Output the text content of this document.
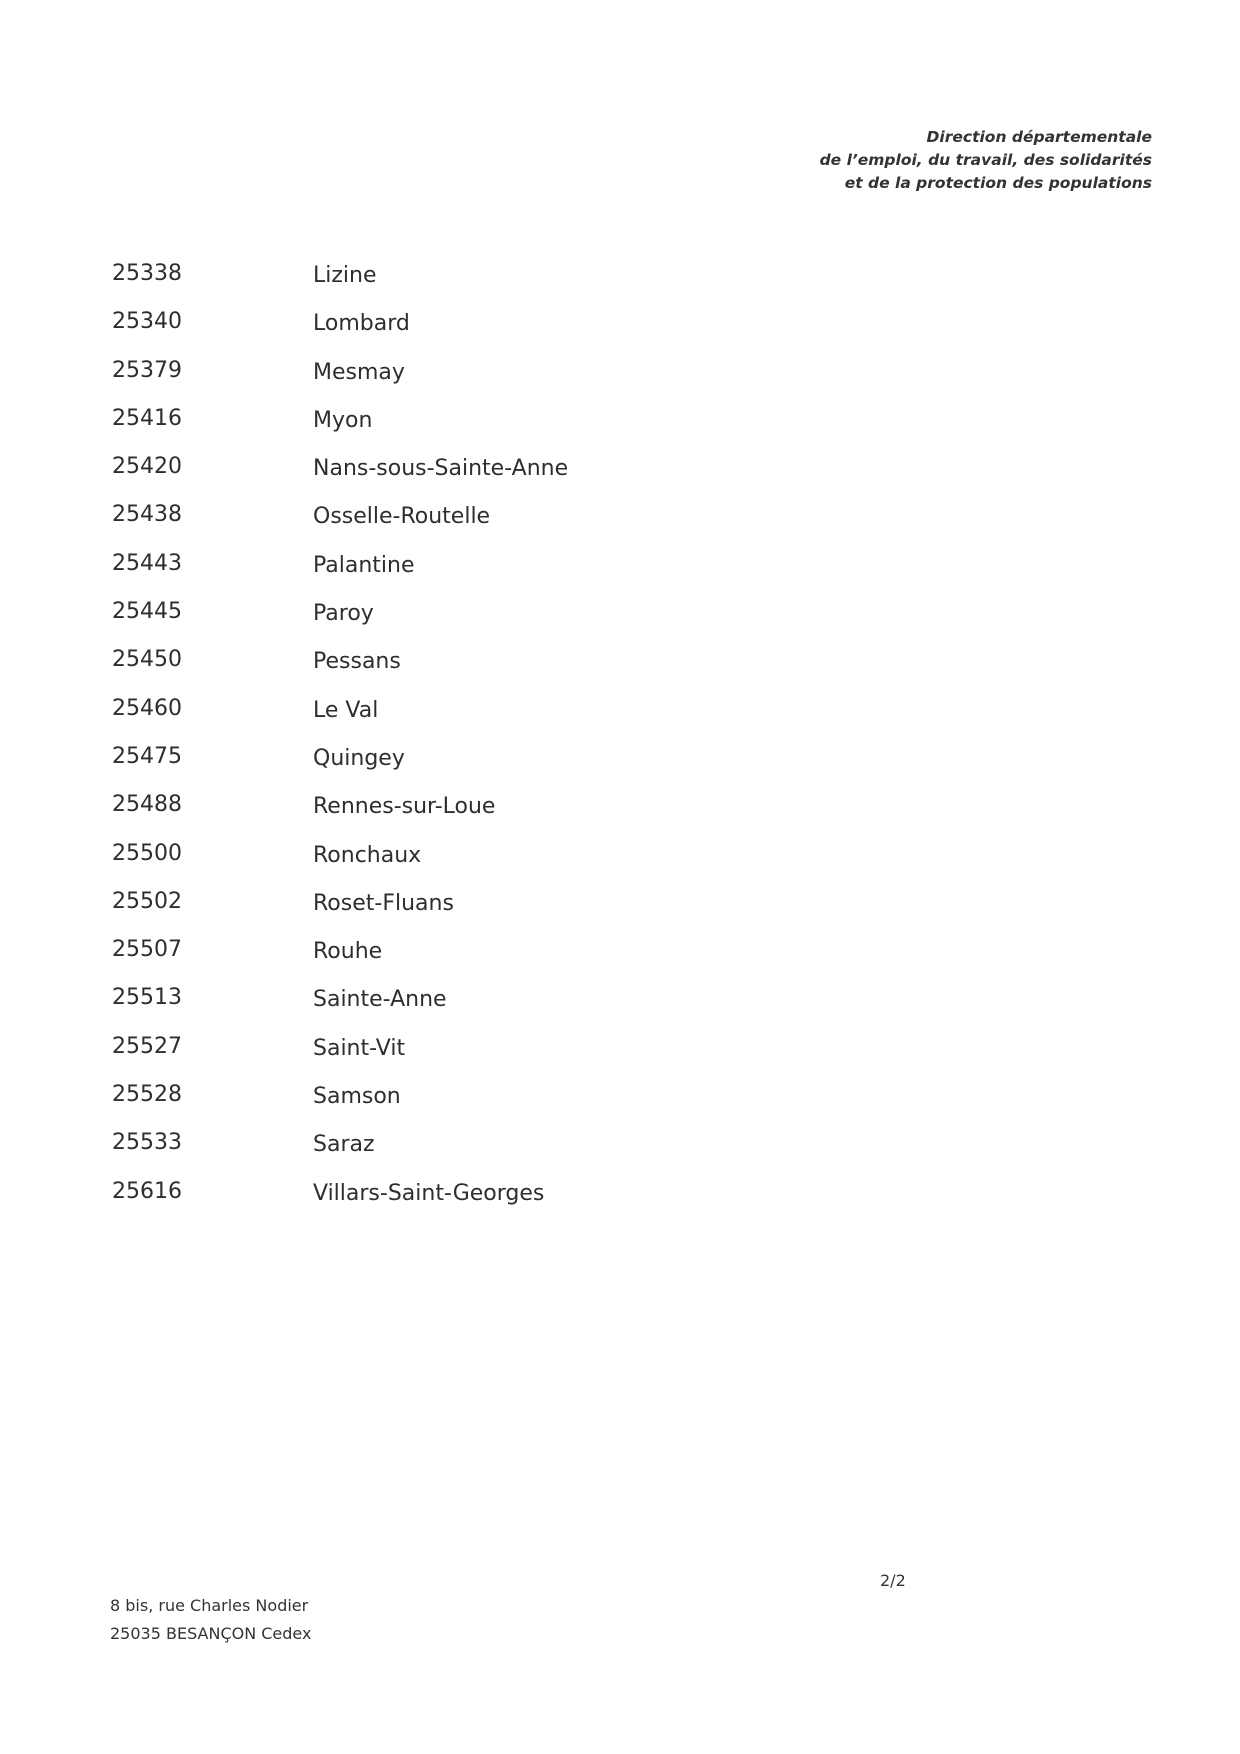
Direction départementale
de l’emploi, du travail, des solidarités
et de la protection des populations
25338	Lizine
25340	Lombard
25379	Mesmay
25416	Myon
25420	Nans-sous-Sainte-Anne
25438	Osselle-Routelle
25443	Palantine
25445	Paroy
25450	Pessans
25460	Le Val
25475	Quingey
25488	Rennes-sur-Loue
25500	Ronchaux
25502	Roset-Fluans
25507	Rouhe
25513	Sainte-Anne
25527	Saint-Vit
25528	Samson
25533	Saraz
25616	Villars-Saint-Georges
2/2
8 bis, rue Charles Nodier
25035 BESANÇON Cedex
